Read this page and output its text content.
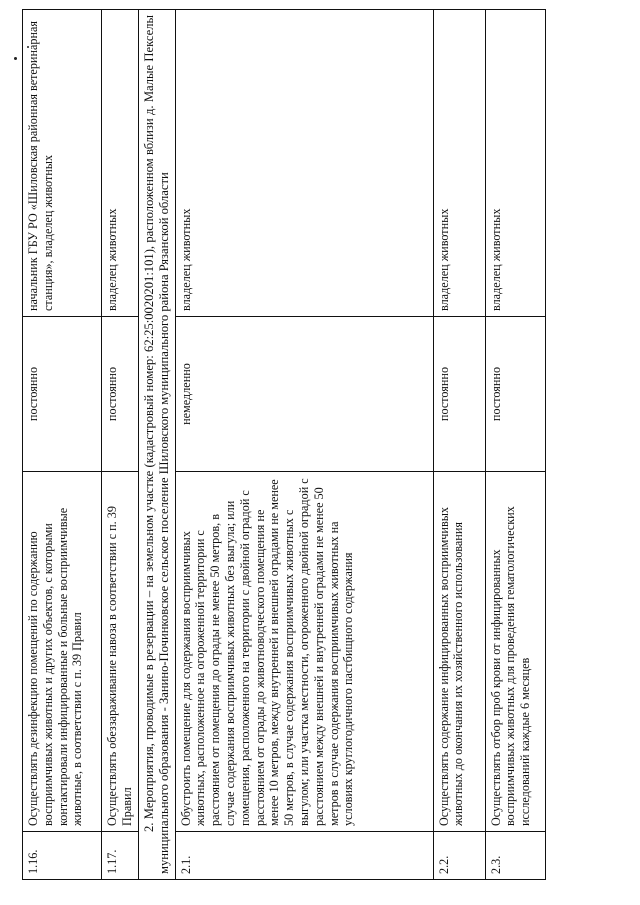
1.16.	Осуществлять дезинфекцию помещений по содержанию восприимчивых животных и других объектов, с которыми контактировали инфицированные и больные восприимчивые животные, в соответствии с п. 39 Правил	постоянно	начальник ГБУ РО «Шиловская районная ветеринарная станция», владелец животных
1.17.	Осуществлять обеззараживание навоза в соответствии с п. 39 Правил	постоянно	владелец животных
2. Мероприятия, проводимые в резервации – на земельном участке (кадастровый номер: 62:25:0020201:101), расположенном вблизи д. Малые Пекселы муниципального образования - Занино-Починковское сельское поселение Шиловского муниципального района Рязанской области			
2.1.	Обустроить помещение для содержания восприимчивых животных, расположенное на огороженной территории с расстоянием от помещения до ограды не менее 50 метров, в случае содержания восприимчивых животных без выгула; или помещения, расположенного на территории с двойной оградой с расстоянием от ограды до животноводческого помещения не менее 10 метров, между внутренней и внешней оградами не менее 50 метров, в случае содержания восприимчивых животных с выгулом; или участка местности, огороженного двойной оградой с расстоянием между внешней и внутренней оградами не менее 50 метров в случае содержания восприимчивых животных на условиях круглогодичного пастбищного содержания	немедленно	владелец животных
2.2.	Осуществлять содержание инфицированных восприимчивых животных до окончания их хозяйственного использования	постоянно	владелец животных
2.3.	Осуществлять отбор проб крови от инфицированных восприимчивых животных для проведения гематологических исследований каждые 6 месяцев	постоянно	владелец животных
